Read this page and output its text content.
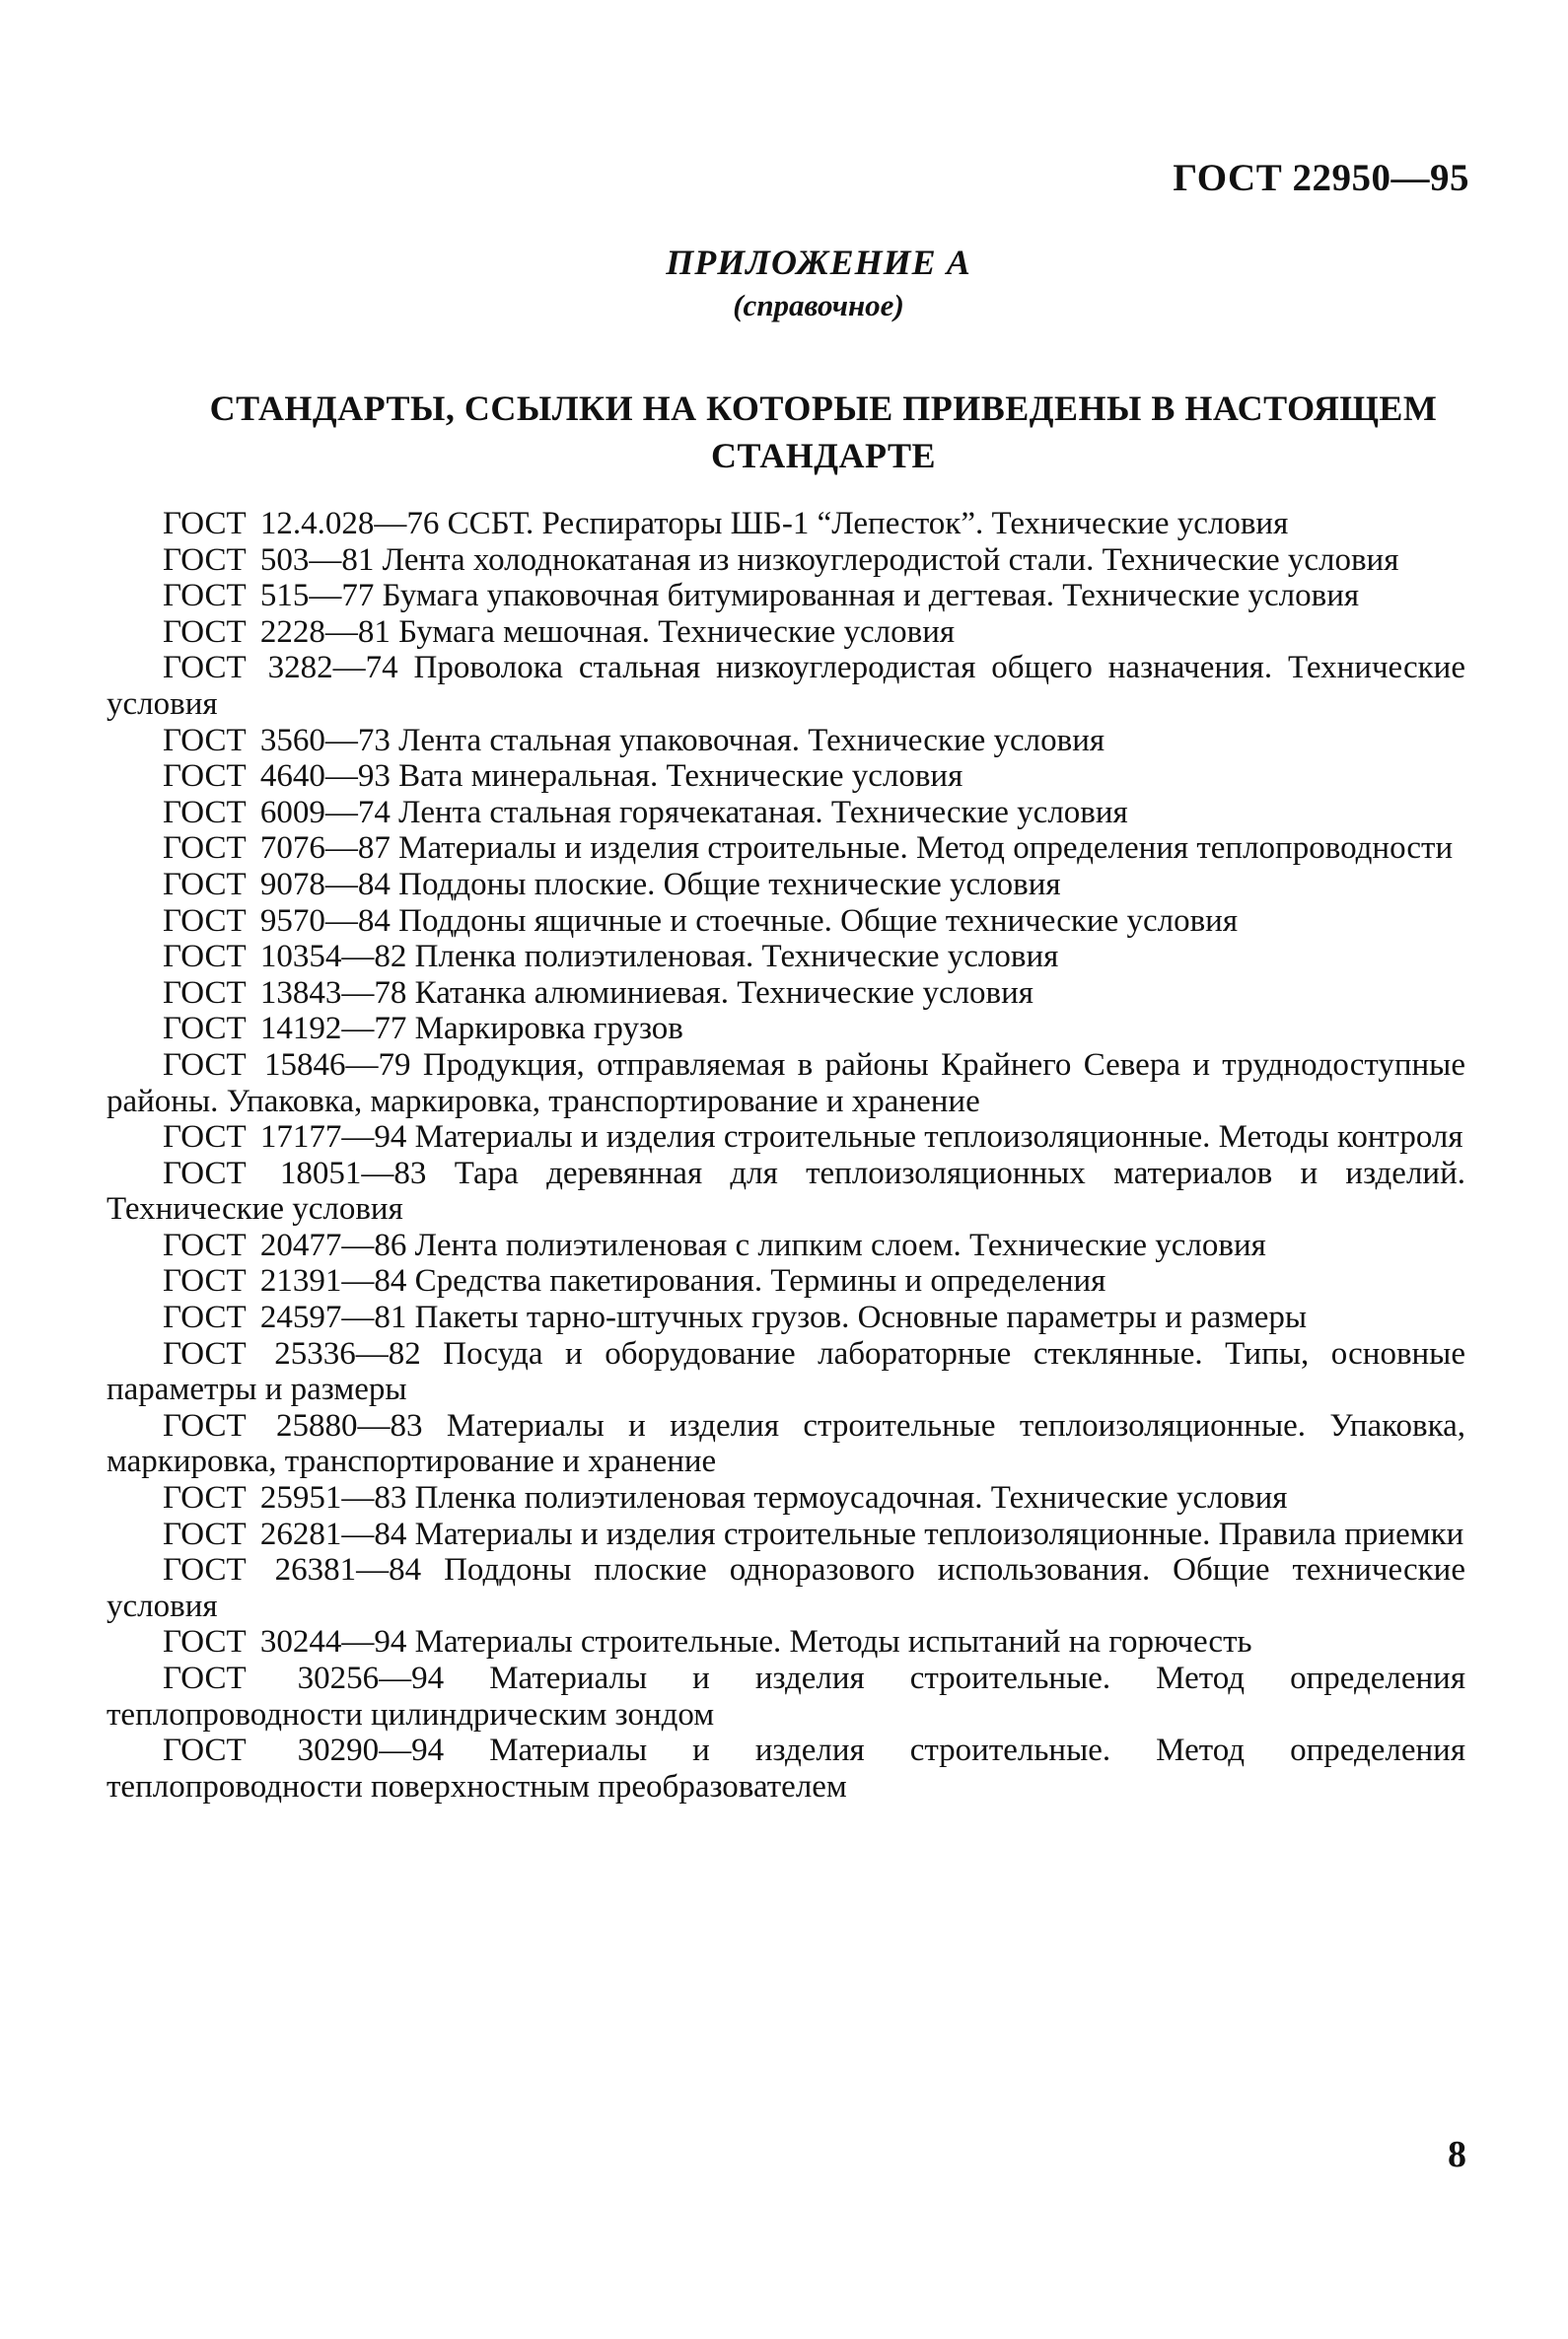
ГОСТ 22950—95
ПРИЛОЖЕНИЕ А
(справочное)
СТАНДАРТЫ, ССЫЛКИ НА КОТОРЫЕ ПРИВЕДЕНЫ В НАСТОЯЩЕМ
СТАНДАРТЕ

ГОСТ 12.4.028—76 ССБТ. Респираторы ШБ-1 “Лепесток”. Технические условия

ГОСТ 503—81 Лента холоднокатаная из низкоуглеродистой стали. Технические условия

ГОСТ 515—77 Бумага упаковочная битумированная и дегтевая. Технические условия

ГОСТ 2228—81 Бумага мешочная. Технические условия

ГОСТ 3282—74 Проволока стальная низкоуглеродистая общего назначения. Технические условия

ГОСТ 3560—73 Лента стальная упаковочная. Технические условия

ГОСТ 4640—93 Вата минеральная. Технические условия

ГОСТ 6009—74 Лента стальная горячекатаная. Технические условия

ГОСТ 7076—87 Материалы и изделия строительные. Метод определения теплопроводности

ГОСТ 9078—84 Поддоны плоские. Общие технические условия

ГОСТ 9570—84 Поддоны ящичные и стоечные. Общие технические условия

ГОСТ 10354—82 Пленка полиэтиленовая. Технические условия

ГОСТ 13843—78 Катанка алюминиевая. Технические условия

ГОСТ 14192—77 Маркировка грузов

ГОСТ 15846—79 Продукция, отправляемая в районы Крайнего Севера и труднодоступные районы. Упаковка, маркировка, транспортирование и хранение

ГОСТ 17177—94 Материалы и изделия строительные теплоизоляционные. Методы контроля

ГОСТ 18051—83 Тара деревянная для теплоизоляционных материалов и изделий. Технические условия

ГОСТ 20477—86 Лента полиэтиленовая с липким слоем. Технические условия

ГОСТ 21391—84 Средства пакетирования. Термины и определения

ГОСТ 24597—81 Пакеты тарно-штучных грузов. Основные параметры и размеры

ГОСТ 25336—82 Посуда и оборудование лабораторные стеклянные. Типы, основные параметры и размеры

ГОСТ 25880—83 Материалы и изделия строительные теплоизоляционные. Упаковка, маркировка, транспортирование и хранение

ГОСТ 25951—83 Пленка полиэтиленовая термоусадочная. Технические условия

ГОСТ 26281—84 Материалы и изделия строительные теплоизоляционные. Правила приемки

ГОСТ 26381—84 Поддоны плоские одноразового использования. Общие технические условия

ГОСТ 30244—94 Материалы строительные. Методы испытаний на горючесть

ГОСТ 30256—94 Материалы и изделия строительные. Метод определения теплопроводности цилиндрическим зондом

ГОСТ 30290—94 Материалы и изделия строительные. Метод определения теплопроводности поверхностным преобразователем

8
